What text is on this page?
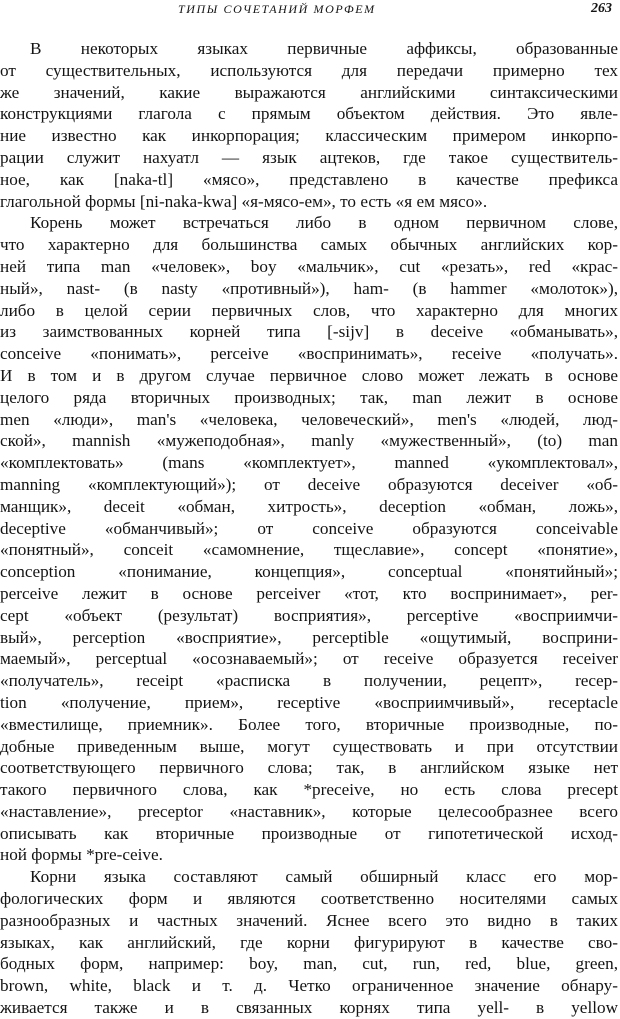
ТИПЫ СОЧЕТАНИЙ МОРФЕМ	263
В некоторых языках первичные аффиксы, образованные
от существительных, используются для передачи примерно тех
же значений, какие выражаются английскими синтаксическими
конструкциями глагола с прямым объектом действия. Это явле-
ние известно как инкорпорация; классическим примером инкорпо-
рации служит нахуатл — язык ацтеков, где такое существитель-
ное, как [naka-tl] «мясо», представлено в качестве префикса
глагольной формы [ni-naka-kwa] «я-мясо-ем», то есть «я ем мясо».
Корень может встречаться либо в одном первичном слове,
что характерно для большинства самых обычных английских кор-
ней типа man «человек», boy «мальчик», cut «резать», red «крас-
ный», nast- (в nasty «противный»), ham- (в hammer «молоток»),
либо в целой серии первичных слов, что характерно для многих
из заимствованных корней типа [-sijv] в deceive «обманывать»,
conceive «понимать», perceive «воспринимать», receive «получать».
И в том и в другом случае первичное слово может лежать в основе
целого ряда вторичных производных; так, man лежит в основе
men «люди», man's «человека, человеческий», men's «людей, люд-
ской», mannish «мужеподобная», manly «мужественный», (to) man
«комплектовать» (mans «комплектует», manned «укомплектовал»,
manning «комплектующий»); от deceive образуются deceiver «об-
манщик», deceit «обман, хитрость», deception «обман, ложь»,
deceptive «обманчивый»; от conceive образуются conceivable
«понятный», conceit «самомнение, тщеславие», concept «понятие»,
conception «понимание, концепция», conceptual «понятийный»;
perceive лежит в основе perceiver «тот, кто воспринимает», per-
cept «объект (результат) восприятия», perceptive «восприимчи-
вый», perception «восприятие», perceptible «ощутимый, восприни-
маемый», perceptual «осознаваемый»; от receive образуется receiver
«получатель», receipt «расписка в получении, рецепт», recep-
tion «получение, прием», receptive «восприимчивый», receptacle
«вместилище, приемник». Более того, вторичные производные, по-
добные приведенным выше, могут существовать и при отсутствии
соответствующего первичного слова; так, в английском языке нет
такого первичного слова, как *preceive, но есть слова precept
«наставление», preceptor «наставник», которые целесообразнее всего
описывать как вторичные производные от гипотетической исход-
ной формы *pre-ceive.
Корни языка составляют самый обширный класс его мор-
фологических форм и являются соответственно носителями самых
разнообразных и частных значений. Яснее всего это видно в таких
языках, как английский, где корни фигурируют в качестве сво-
бодных форм, например: boy, man, cut, run, red, blue, green,
brown, white, black и т. д. Четко ограниченное значение обнару-
живается также и в связанных корнях типа yell- в yellow
